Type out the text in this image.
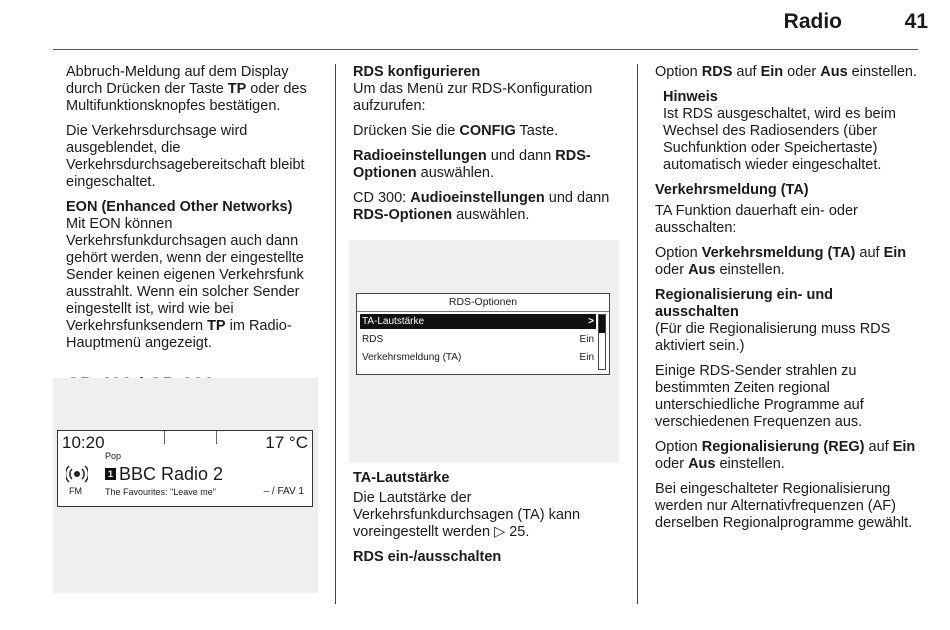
Radio	41

Abbruch-Meldung auf dem Display durch Drücken der Taste TP oder des Multifunktionsknopfes bestätigen.

Die Verkehrsdurchsage wird ausgeblendet, die Verkehrsdurchsagebereitschaft bleibt eingeschaltet.

EON (Enhanced Other Networks)

Mit EON können Verkehrsfunkdurchsagen auch dann gehört werden, wenn der eingestellte Sender keinen eigenen Verkehrsfunk ausstrahlt. Wenn ein solcher Sender eingestellt ist, wird wie bei Verkehrsfunksendern TP im Radio-Hauptmenü angezeigt.

10:20	17 °C
Pop
FM
1 BBC Radio 2
The Favourites: "Leave me"	– / FAV 1
RDS konfigurieren

Um das Menü zur RDS-Konfiguration aufzurufen:

Drücken Sie die CONFIG Taste.

Radioeinstellungen und dann RDS-Optionen auswählen.

CD 300: Audioeinstellungen und dann RDS-Optionen auswählen.

RDS-Optionen
TA-Lautstärke	>
RDS	Ein
Verkehrsmeldung (TA)	Ein
TA-Lautstärke

Die Lautstärke der Verkehrsfunkdurchsagen (TA) kann voreingestellt werden ▷ 25.

RDS ein-/ausschalten

Option RDS auf Ein oder Aus einstellen.

Hinweis
Ist RDS ausgeschaltet, wird es beim Wechsel des Radiosenders (über Suchfunktion oder Speichertaste) automatisch wieder eingeschaltet.
Verkehrsmeldung (TA)

TA Funktion dauerhaft ein- oder ausschalten:

Option Verkehrsmeldung (TA) auf Ein oder Aus einstellen.

Regionalisierung ein- und ausschalten

(Für die Regionalisierung muss RDS aktiviert sein.)

Einige RDS-Sender strahlen zu bestimmten Zeiten regional unterschiedliche Programme auf verschiedenen Frequenzen aus.

Option Regionalisierung (REG) auf Ein oder Aus einstellen.

Bei eingeschalteter Regionalisierung werden nur Alternativfrequenzen (AF) derselben Regionalprogramme gewählt.
